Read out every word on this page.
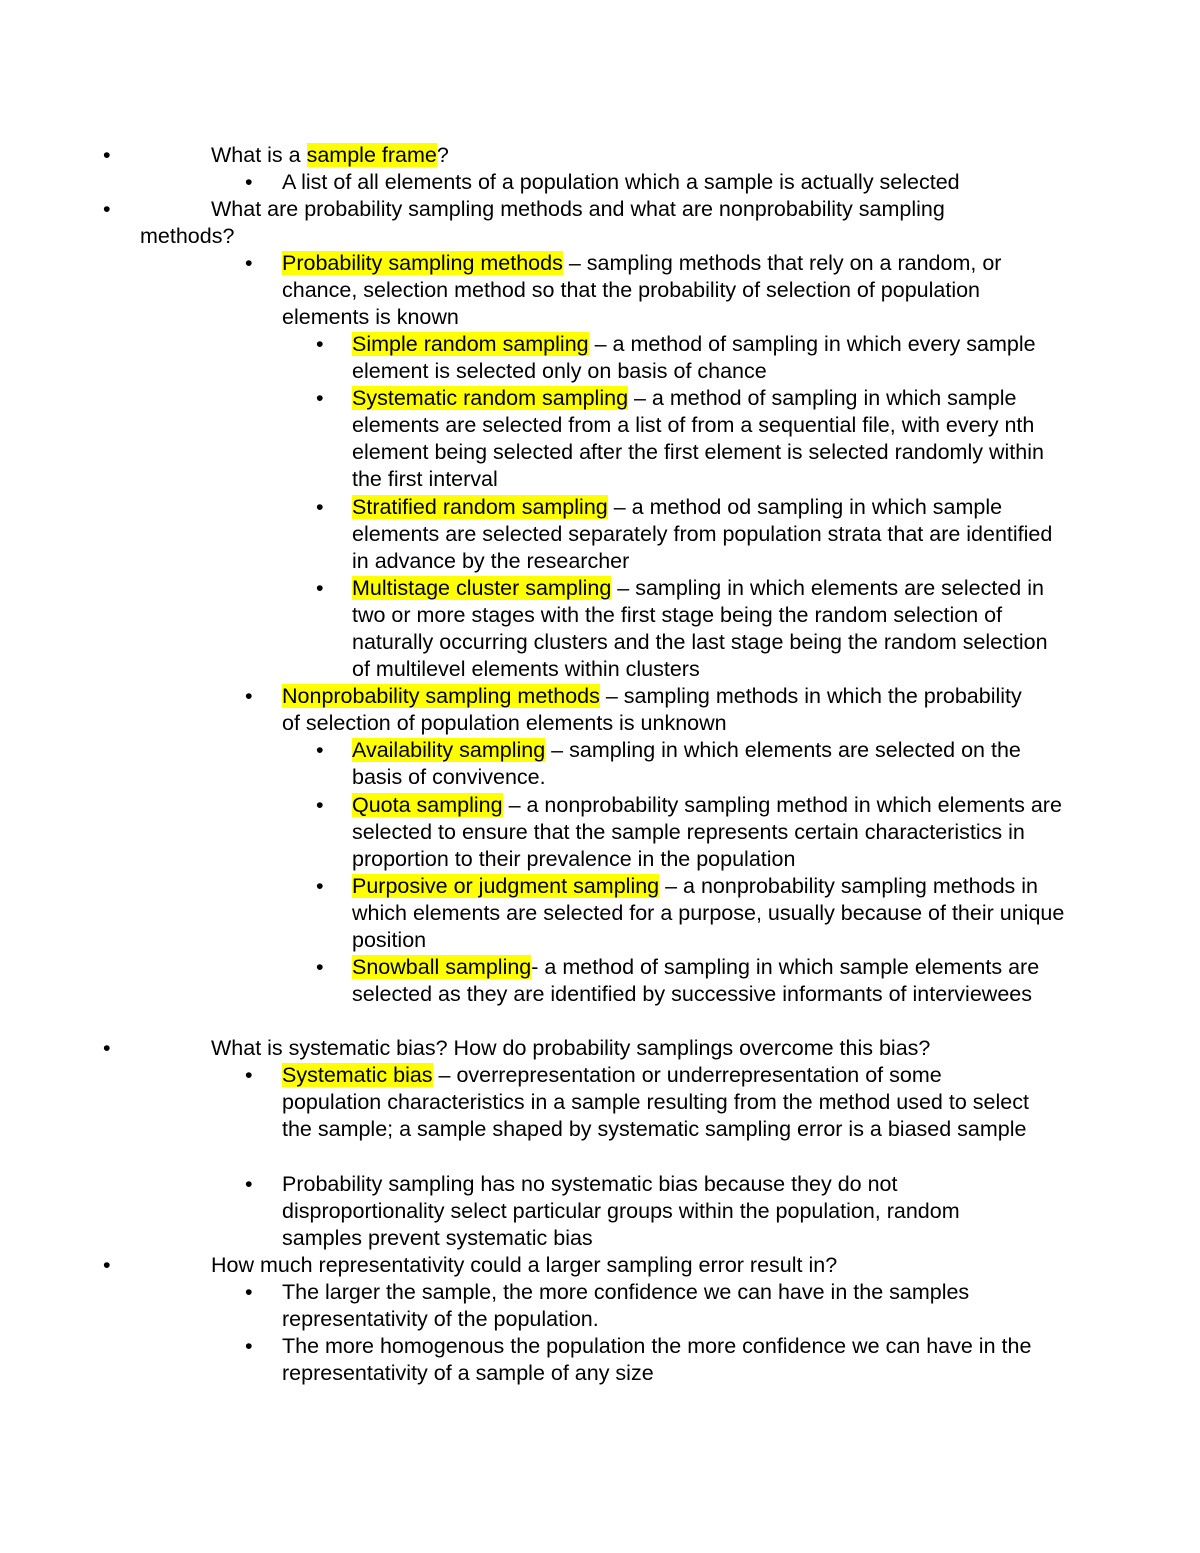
•	What is a sample frame?
• A list of all elements of a population which a sample is actually selected
•	What are probability sampling methods and what are nonprobability sampling methods?
• Probability sampling methods – sampling methods that rely on a random, or chance, selection method so that the probability of selection of population elements is known
• Simple random sampling – a method of sampling in which every sample element is selected only on basis of chance
• Systematic random sampling – a method of sampling in which sample elements are selected from a list of from a sequential file, with every nth element being selected after the first element is selected randomly within the first interval
• Stratified random sampling – a method od sampling in which sample elements are selected separately from population strata that are identified in advance by the researcher
• Multistage cluster sampling – sampling in which elements are selected in two or more stages with the first stage being the random selection of naturally occurring clusters and the last stage being the random selection of multilevel elements within clusters
• Nonprobability sampling methods – sampling methods in which the probability of selection of population elements is unknown
• Availability sampling – sampling in which elements are selected on the basis of convivence.
• Quota sampling – a nonprobability sampling method in which elements are selected to ensure that the sample represents certain characteristics in proportion to their prevalence in the population
• Purposive or judgment sampling – a nonprobability sampling methods in which elements are selected for a purpose, usually because of their unique position
• Snowball sampling- a method of sampling in which sample elements are selected as they are identified by successive informants of interviewees
•	What is systematic bias? How do probability samplings overcome this bias?
• Systematic bias – overrepresentation or underrepresentation of some population characteristics in a sample resulting from the method used to select the sample; a sample shaped by systematic sampling error is a biased sample
• Probability sampling has no systematic bias because they do not disproportionality select particular groups within the population, random samples prevent systematic bias
•	How much representativity could a larger sampling error result in?
• The larger the sample, the more confidence we can have in the samples representativity of the population.
• The more homogenous the population the more confidence we can have in the representativity of a sample of any size
